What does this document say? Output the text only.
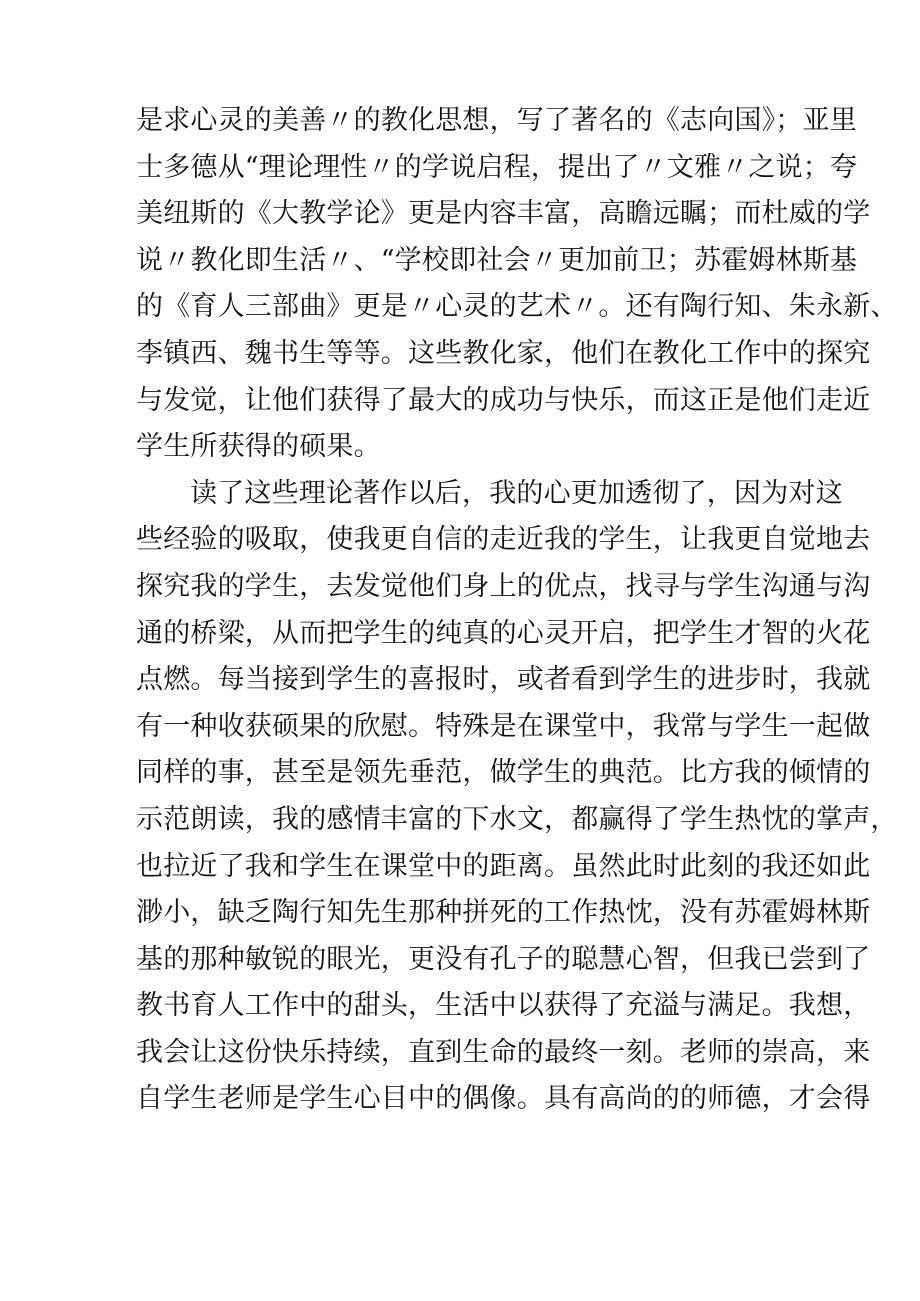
是求心灵的美善〃的教化思想，写了著名的《志向国》；亚里
士多德从“理论理性〃的学说启程，提出了〃文雅〃之说；夸
美纽斯的《大教学论》更是内容丰富，高瞻远瞩；而杜威的学
说〃教化即生活〃、“学校即社会〃更加前卫；苏霍姆林斯基
的《育人三部曲》更是〃心灵的艺术〃。还有陶行知、朱永新、
李镇西、魏书生等等。这些教化家，他们在教化工作中的探究
与发觉，让他们获得了最大的成功与快乐，而这正是他们走近
学生所获得的硕果。
读了这些理论著作以后，我的心更加透彻了，因为对这
些经验的吸取，使我更自信的走近我的学生，让我更自觉地去
探究我的学生，去发觉他们身上的优点，找寻与学生沟通与沟
通的桥梁，从而把学生的纯真的心灵开启，把学生才智的火花
点燃。每当接到学生的喜报时，或者看到学生的进步时，我就
有一种收获硕果的欣慰。特殊是在课堂中，我常与学生一起做
同样的事，甚至是领先垂范，做学生的典范。比方我的倾情的
示范朗读，我的感情丰富的下水文，都赢得了学生热忱的掌声，
也拉近了我和学生在课堂中的距离。虽然此时此刻的我还如此
渺小，缺乏陶行知先生那种拼死的工作热忱，没有苏霍姆林斯
基的那种敏锐的眼光，更没有孔子的聪慧心智，但我已尝到了
教书育人工作中的甜头，生活中以获得了充溢与满足。我想，
我会让这份快乐持续，直到生命的最终一刻。老师的崇高，来
自学生老师是学生心目中的偶像。具有高尚的的师德，才会得
